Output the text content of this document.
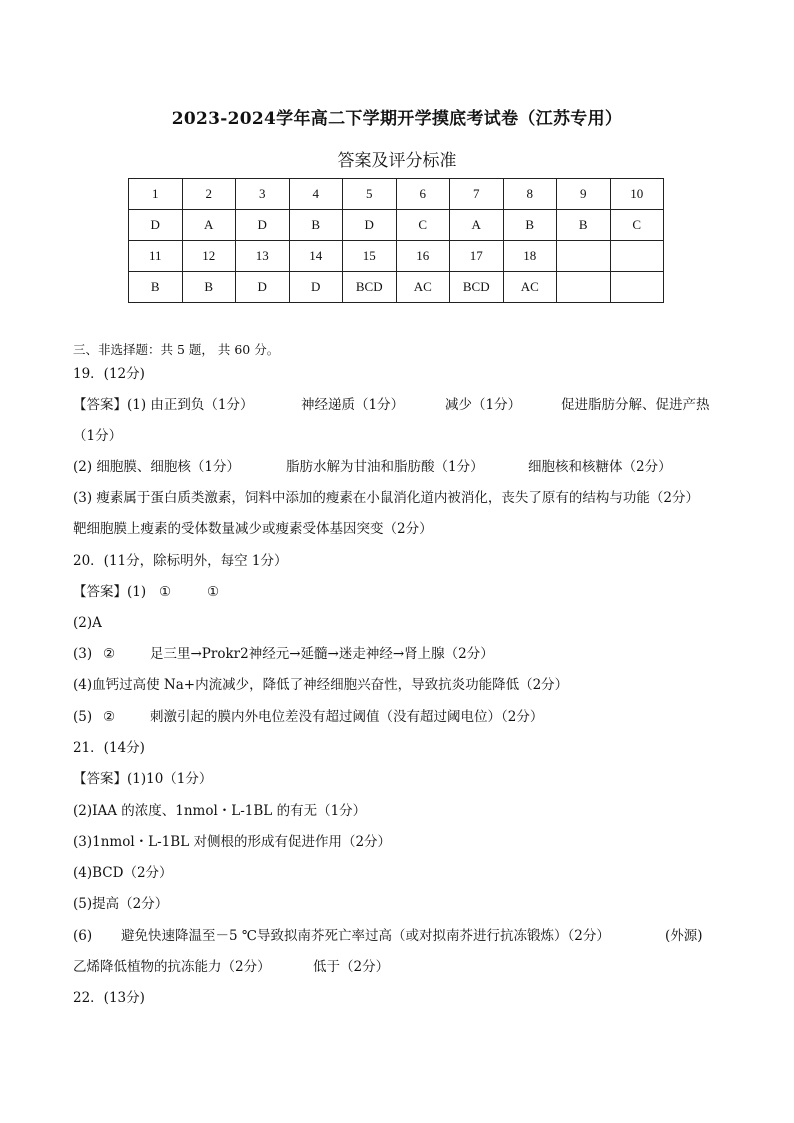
2023-2024学年高二下学期开学摸底考试卷（江苏专用）
答案及评分标准
1	2	3	4	5	6	7	8	9	10
D	A	D	B	D	C	A	B	B	C
11	12	13	14	15	16	17	18		
B	B	D	D	BCD	AC	BCD	AC		
三、非选择题：共 5 题， 共 60 分。
19．(12分)
【答案】(1) 由正到负（1分）	神经递质（1分）	减少（1分）	促进脂肪分解、促进产热
（1分）
(2) 细胞膜、细胞核（1分）	脂肪水解为甘油和脂肪酸（1分）	细胞核和核糖体（2分）
(3) 瘦素属于蛋白质类激素，饲料中添加的瘦素在小鼠消化道内被消化，丧失了原有的结构与功能（2分）
靶细胞膜上瘦素的受体数量减少或瘦素受体基因突变（2分）
20．(11分，除标明外，每空 1分）
【答案】(1) ①	①
(2)A
(3) ②	足三里→Prokr2神经元→延髓→迷走神经→肾上腺（2分）
(4)血钙过高使 Na+内流减少，降低了神经细胞兴奋性，导致抗炎功能降低（2分）
(5) ②	刺激引起的膜内外电位差没有超过阈值（没有超过阈电位）（2分）
21．(14分)
【答案】(1)10（1分）
(2)IAA 的浓度、1nmol・L-1BL 的有无（1分）
(3)1nmol・L-1BL 对侧根的形成有促进作用（2分）
(4)BCD（2分）
(5)提高（2分）
(6) 避免快速降温至－5 ℃导致拟南芥死亡率过高（或对拟南芥进行抗冻锻炼）（2分）	(外源)
乙烯降低植物的抗冻能力（2分）	低于（2分）
22．(13分)
